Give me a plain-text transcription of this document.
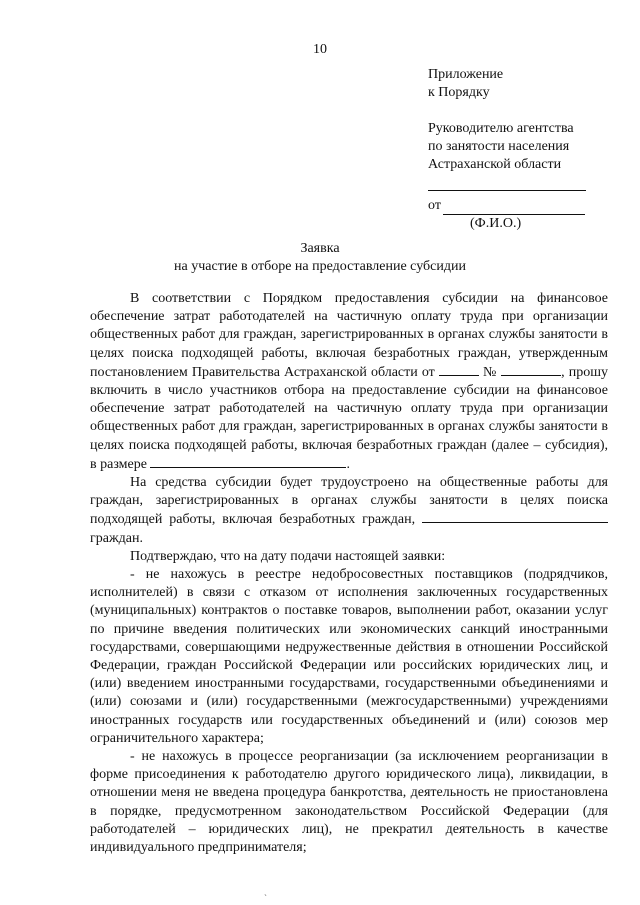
10
Приложение
к Порядку
Руководителю агентства
по занятости населения
Астраханской области
от
(Ф.И.О.)
Заявка
на участие в отборе на предоставление субсидии

В соответствии с Порядком предоставления субсидии на финансовое обеспечение затрат работодателей на частичную оплату труда при организации общественных работ для граждан, зарегистрированных в органах службы занятости в целях поиска подходящей работы, включая безработных граждан, утвержденным постановлением Правительства Астраханской области от	№	, прошу включить в число участников отбора на предоставление субсидии на финансовое обеспечение затрат работодателей на частичную оплату труда при организации общественных работ для граждан, зарегистрированных в органах службы занятости в целях поиска подходящей работы, включая безработных граждан (далее – субсидия), в размере	.

На средства субсидии будет трудоустроено на общественные работы для граждан, зарегистрированных в органах службы занятости в целях поиска подходящей работы, включая безработных граждан,  граждан.

Подтверждаю, что на дату подачи настоящей заявки:

- не нахожусь в реестре недобросовестных поставщиков (подрядчиков, исполнителей) в связи с отказом от исполнения заключенных государственных (муниципальных) контрактов о поставке товаров, выполнении работ, оказании услуг по причине введения политических или экономических санкций иностранными государствами, совершающими недружественные действия в отношении Российской Федерации, граждан Российской Федерации или российских юридических лиц, и (или) введением иностранными государствами, государственными объединениями и (или) союзами и (или) государственными (межгосударственными) учреждениями иностранных государств или государственных объединений и (или) союзов мер ограничительного характера;

- не нахожусь в процессе реорганизации (за исключением реорганизации в форме присоединения к работодателю другого юридического лица), ликвидации, в отношении меня не введена процедура банкротства, деятельность не приостановлена в порядке, предусмотренном законодательством Российской Федерации (для работодателей – юридических лиц), не прекратил деятельность в качестве индивидуального предпринимателя;

ˏ
